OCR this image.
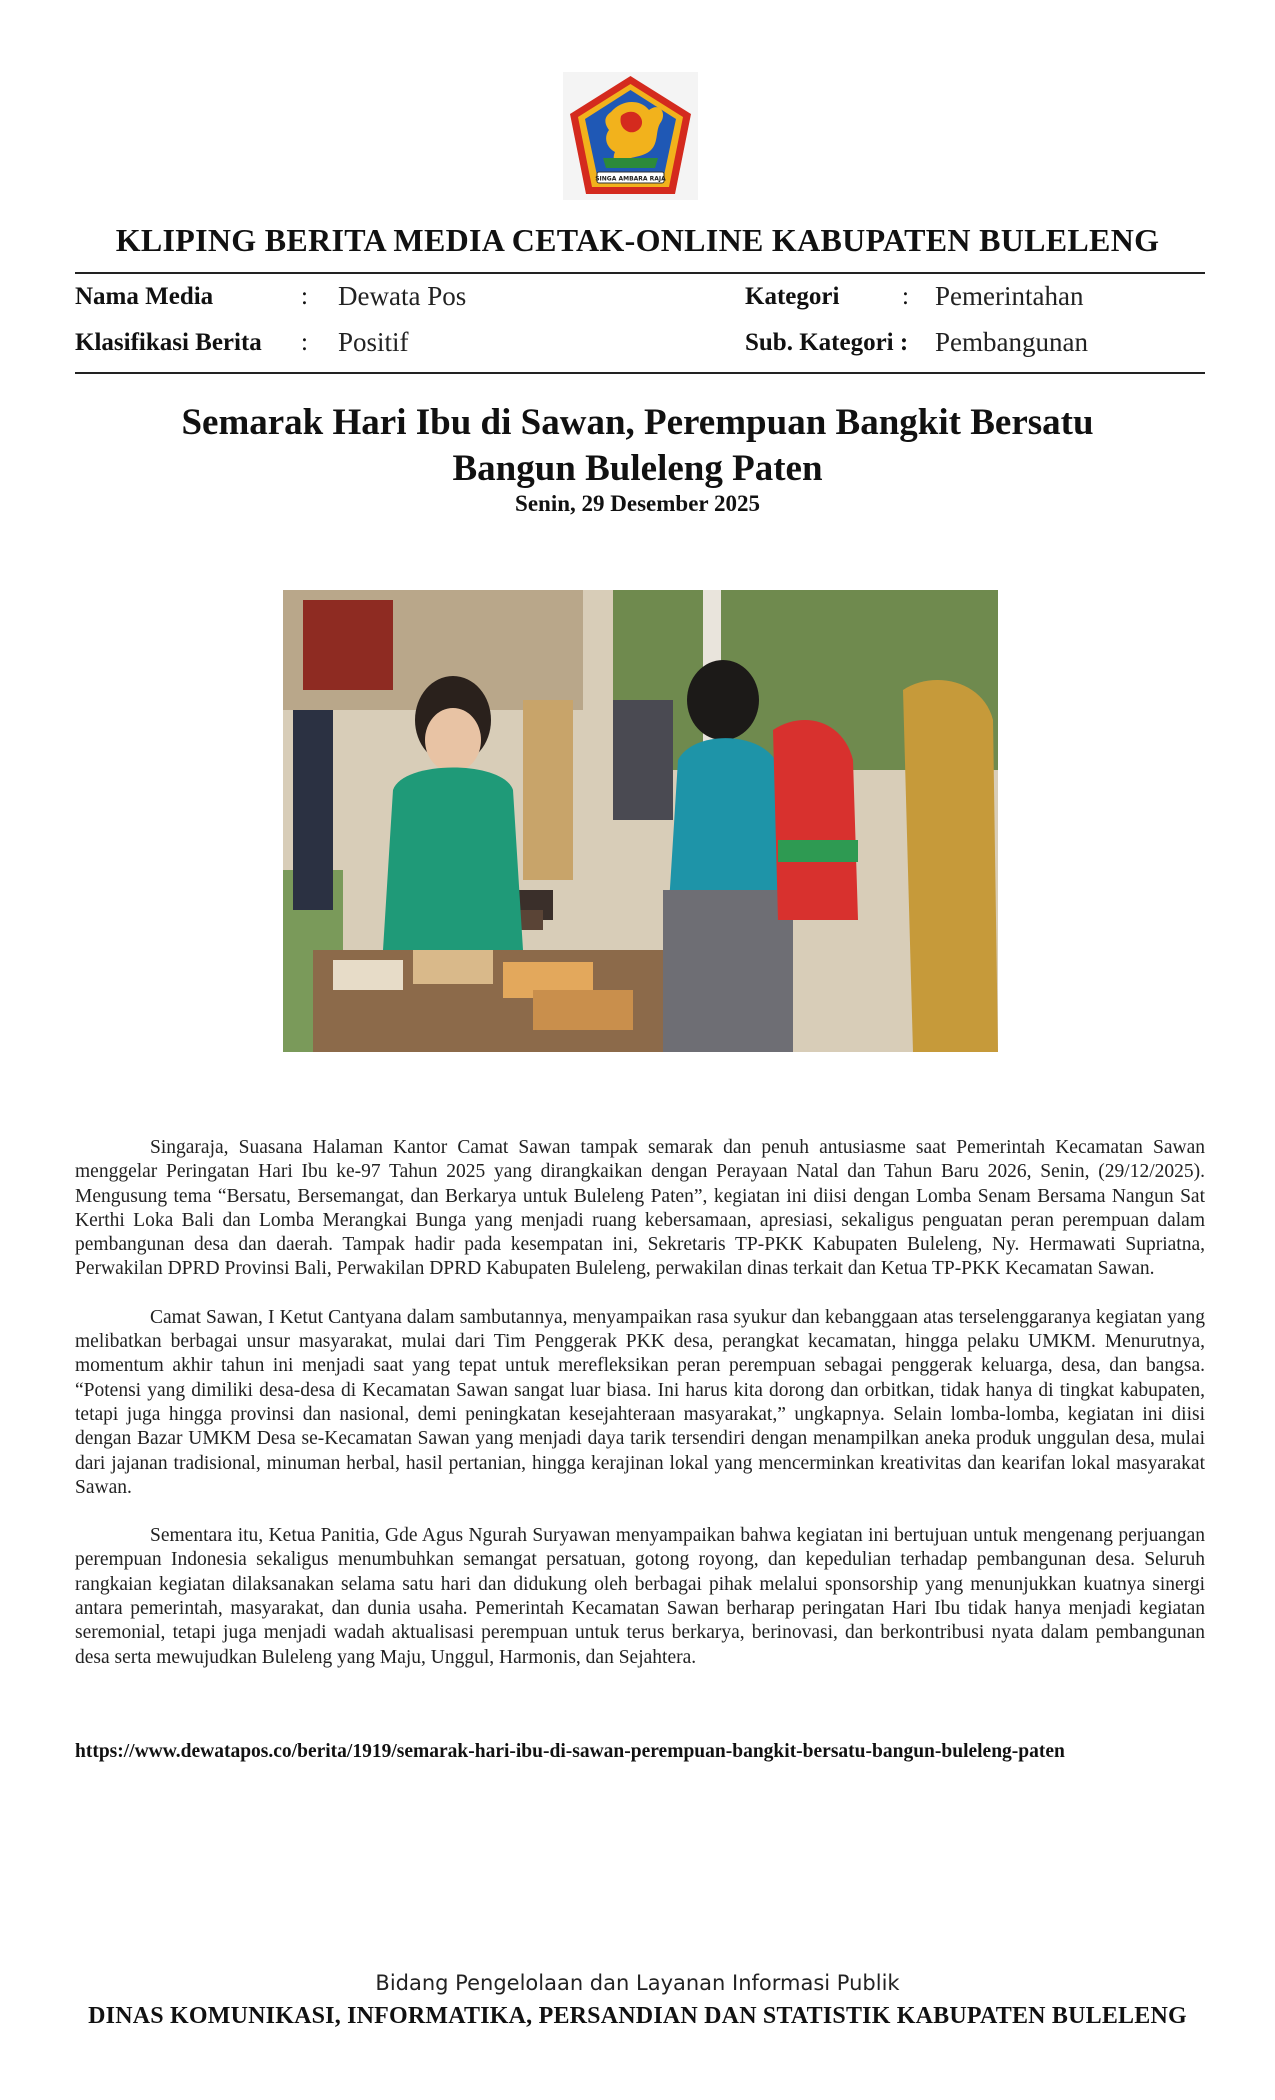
SINGA AMBARA RAJA
KLIPING BERITA MEDIA CETAK-ONLINE KABUPATEN BULELENG
Nama Media	: Dewata Pos	Kategori	: Pemerintahan
Klasifikasi Berita : Positif	Sub. Kategori : Pembangunan
Semarak Hari Ibu di Sawan, Perempuan Bangkit Bersatu
Bangun Buleleng Paten
Senin, 29 Desember 2025

Singaraja, Suasana Halaman Kantor Camat Sawan tampak semarak dan penuh antusiasme saat Pemerintah Kecamatan Sawan menggelar Peringatan Hari Ibu ke-97 Tahun 2025 yang dirangkaikan dengan Perayaan Natal dan Tahun Baru 2026, Senin, (29/12/2025). Mengusung tema “Bersatu, Bersemangat, dan Berkarya untuk Buleleng Paten”, kegiatan ini diisi dengan Lomba Senam Bersama Nangun Sat Kerthi Loka Bali dan Lomba Merangkai Bunga yang menjadi ruang kebersamaan, apresiasi, sekaligus penguatan peran perempuan dalam pembangunan desa dan daerah. Tampak hadir pada kesempatan ini, Sekretaris TP-PKK Kabupaten Buleleng, Ny. Hermawati Supriatna, Perwakilan DPRD Provinsi Bali, Perwakilan DPRD Kabupaten Buleleng, perwakilan dinas terkait dan Ketua TP-PKK Kecamatan Sawan.

Camat Sawan, I Ketut Cantyana dalam sambutannya, menyampaikan rasa syukur dan kebanggaan atas terselenggaranya kegiatan yang melibatkan berbagai unsur masyarakat, mulai dari Tim Penggerak PKK desa, perangkat kecamatan, hingga pelaku UMKM. Menurutnya, momentum akhir tahun ini menjadi saat yang tepat untuk merefleksikan peran perempuan sebagai penggerak keluarga, desa, dan bangsa. “Potensi yang dimiliki desa-desa di Kecamatan Sawan sangat luar biasa. Ini harus kita dorong dan orbitkan, tidak hanya di tingkat kabupaten, tetapi juga hingga provinsi dan nasional, demi peningkatan kesejahteraan masyarakat,” ungkapnya. Selain lomba-lomba, kegiatan ini diisi dengan Bazar UMKM Desa se-Kecamatan Sawan yang menjadi daya tarik tersendiri dengan menampilkan aneka produk unggulan desa, mulai dari jajanan tradisional, minuman herbal, hasil pertanian, hingga kerajinan lokal yang mencerminkan kreativitas dan kearifan lokal masyarakat Sawan.

Sementara itu, Ketua Panitia, Gde Agus Ngurah Suryawan menyampaikan bahwa kegiatan ini bertujuan untuk mengenang perjuangan perempuan Indonesia sekaligus menumbuhkan semangat persatuan, gotong royong, dan kepedulian terhadap pembangunan desa. Seluruh rangkaian kegiatan dilaksanakan selama satu hari dan didukung oleh berbagai pihak melalui sponsorship yang menunjukkan kuatnya sinergi antara pemerintah, masyarakat, dan dunia usaha. Pemerintah Kecamatan Sawan berharap peringatan Hari Ibu tidak hanya menjadi kegiatan seremonial, tetapi juga menjadi wadah aktualisasi perempuan untuk terus berkarya, berinovasi, dan berkontribusi nyata dalam pembangunan desa serta mewujudkan Buleleng yang Maju, Unggul, Harmonis, dan Sejahtera.

https://www.dewatapos.co/berita/1919/semarak-hari-ibu-di-sawan-perempuan-bangkit-bersatu-bangun-buleleng-paten
Bidang Pengelolaan dan Layanan Informasi Publik
DINAS KOMUNIKASI, INFORMATIKA, PERSANDIAN DAN STATISTIK KABUPATEN BULELENG
